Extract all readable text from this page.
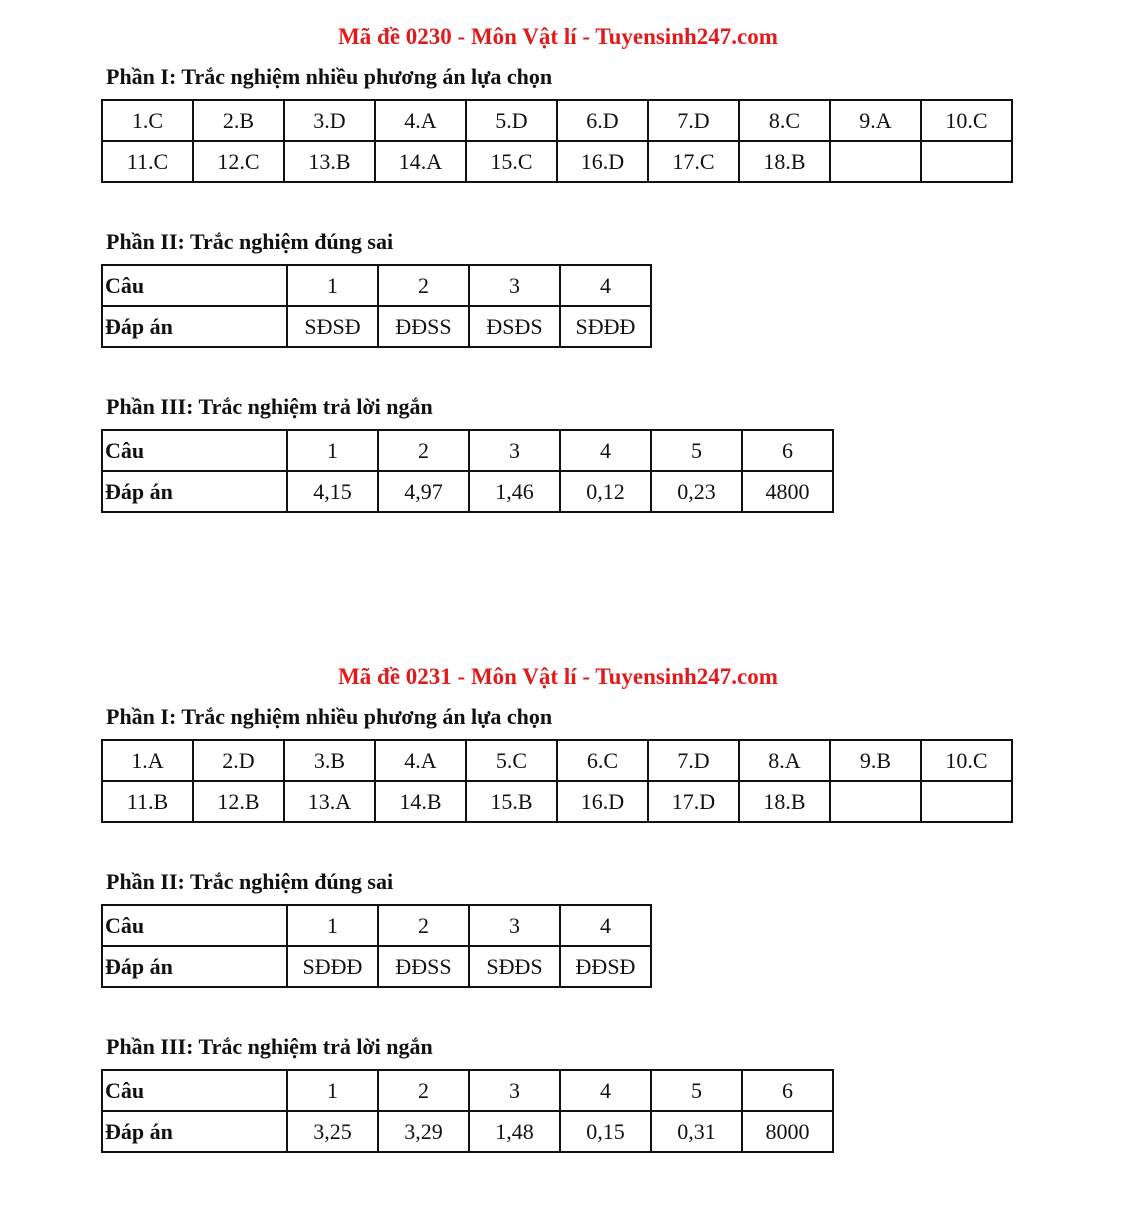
Mã đề 0230 - Môn Vật lí - Tuyensinh247.com
Phần I: Trắc nghiệm nhiều phương án lựa chọn
1.C	2.B	3.D	4.A	5.D	6.D	7.D	8.C	9.A	10.C
11.C	12.C	13.B	14.A	15.C	16.D	17.C	18.B		
Phần II: Trắc nghiệm đúng sai
Câu	1	2	3	4
Đáp án	SĐSĐ	ĐĐSS	ĐSĐS	SĐĐĐ
Phần III: Trắc nghiệm trả lời ngắn
Câu	1	2	3	4	5	6
Đáp án	4,15	4,97	1,46	0,12	0,23	4800
Mã đề 0231 - Môn Vật lí - Tuyensinh247.com
Phần I: Trắc nghiệm nhiều phương án lựa chọn
1.A	2.D	3.B	4.A	5.C	6.C	7.D	8.A	9.B	10.C
11.B	12.B	13.A	14.B	15.B	16.D	17.D	18.B		
Phần II: Trắc nghiệm đúng sai
Câu	1	2	3	4
Đáp án	SĐĐĐ	ĐĐSS	SĐĐS	ĐĐSĐ
Phần III: Trắc nghiệm trả lời ngắn
Câu	1	2	3	4	5	6
Đáp án	3,25	3,29	1,48	0,15	0,31	8000
